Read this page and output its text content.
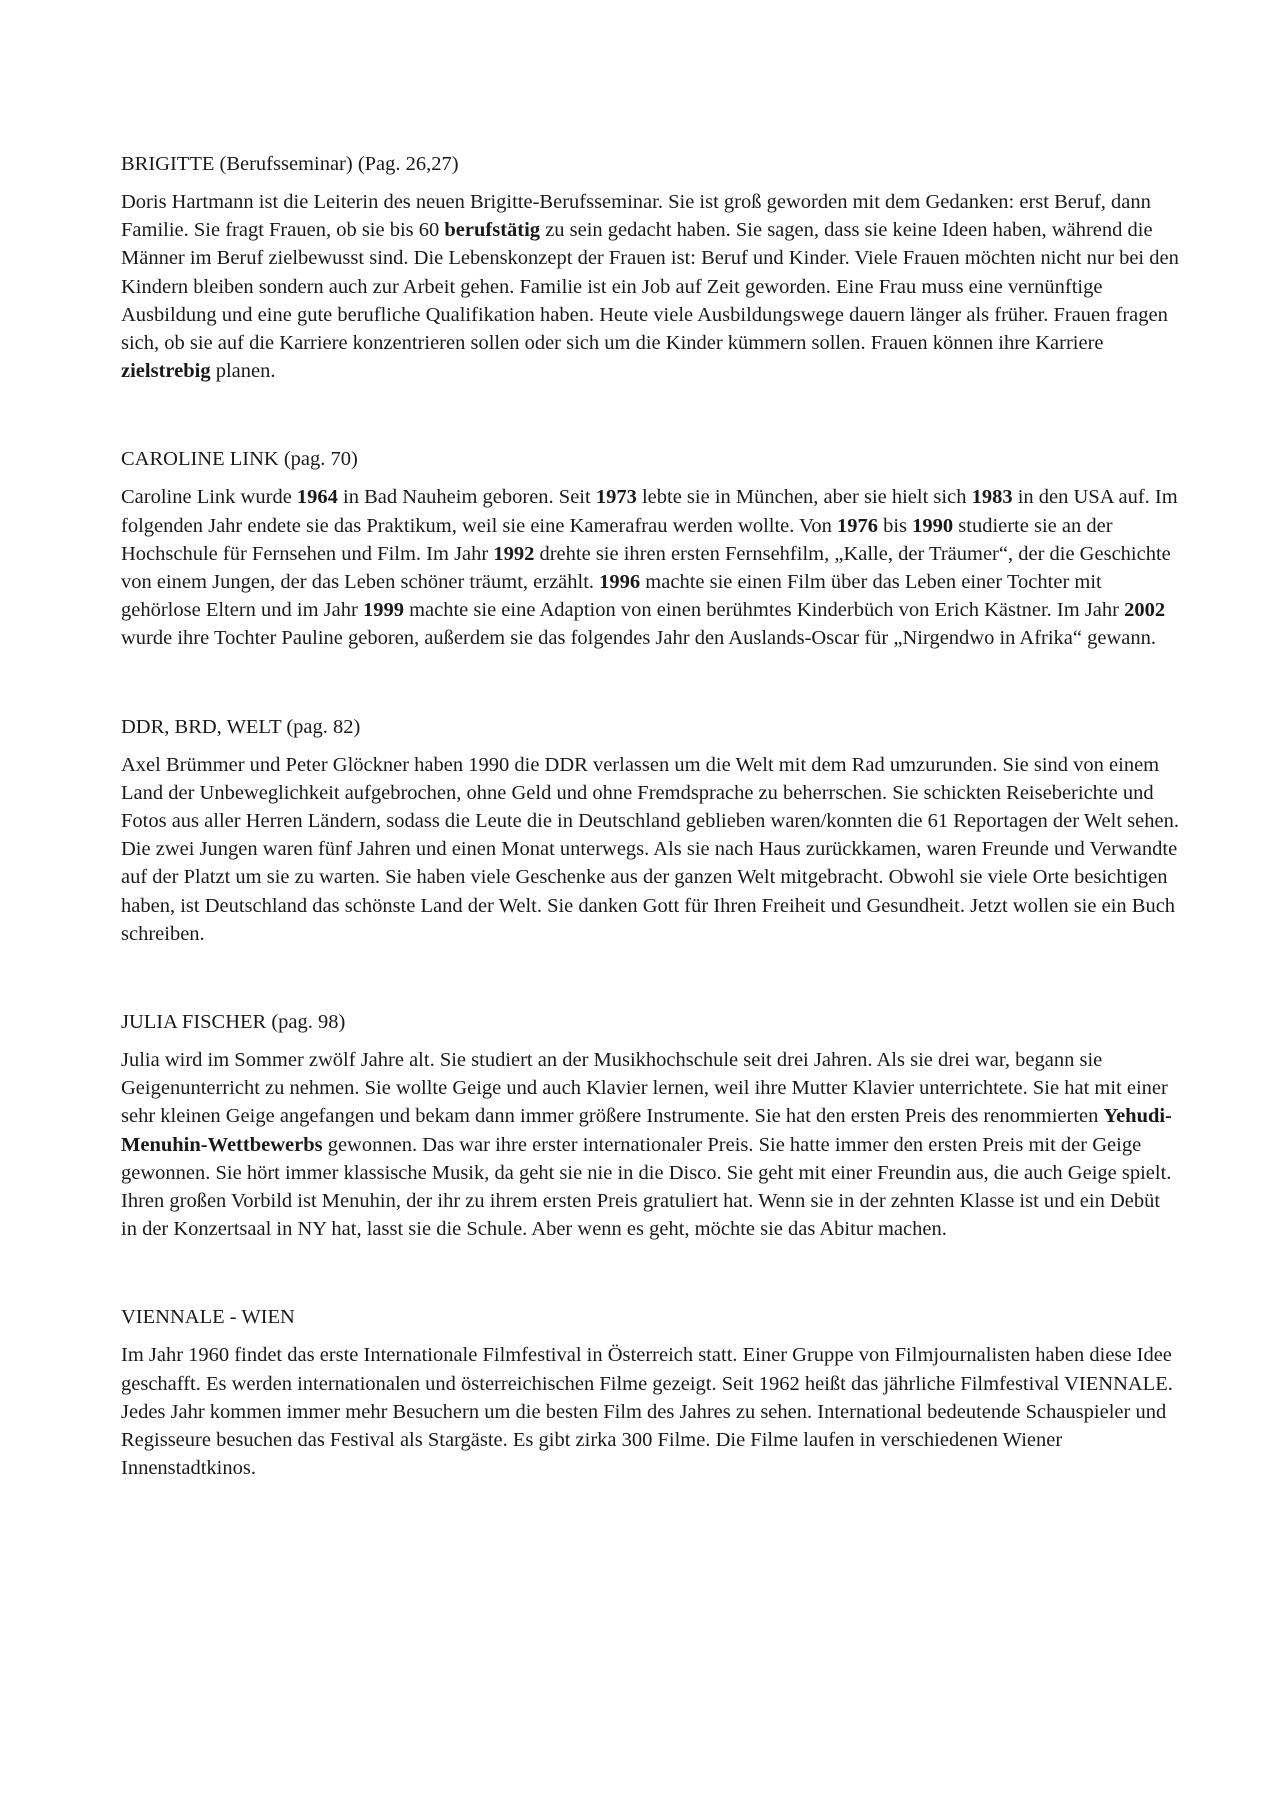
BRIGITTE (Berufsseminar) (Pag. 26,27)

Doris Hartmann ist die Leiterin des neuen Brigitte-Berufsseminar. Sie ist groß geworden mit dem Gedanken: erst Beruf, dann Familie. Sie fragt Frauen, ob sie bis 60 berufstätig zu sein gedacht haben. Sie sagen, dass sie keine Ideen haben, während die Männer im Beruf zielbewusst sind. Die Lebenskonzept der Frauen ist: Beruf und Kinder. Viele Frauen möchten nicht nur bei den Kindern bleiben sondern auch zur Arbeit gehen. Familie ist ein Job auf Zeit geworden. Eine Frau muss eine vernünftige Ausbildung und eine gute berufliche Qualifikation haben. Heute viele Ausbildungswege dauern länger als früher. Frauen fragen sich, ob sie auf die Karriere konzentrieren sollen oder sich um die Kinder kümmern sollen. Frauen können ihre Karriere zielstrebig planen.

CAROLINE LINK (pag. 70)

Caroline Link wurde 1964 in Bad Nauheim geboren. Seit 1973 lebte sie in München, aber sie hielt sich 1983 in den USA auf. Im folgenden Jahr endete sie das Praktikum, weil sie eine Kamerafrau werden wollte. Von 1976 bis 1990 studierte sie an der Hochschule für Fernsehen und Film. Im Jahr 1992 drehte sie ihren ersten Fernsehfilm, „Kalle, der Träumer“, der die Geschichte von einem Jungen, der das Leben schöner träumt, erzählt. 1996 machte sie einen Film über das Leben einer Tochter mit gehörlose Eltern und im Jahr 1999 machte sie eine Adaption von einen berühmtes Kinderbüch von Erich Kästner. Im Jahr 2002 wurde ihre Tochter Pauline geboren, außerdem sie das folgendes Jahr den Auslands-Oscar für „Nirgendwo in Afrika“ gewann.

DDR, BRD, WELT (pag. 82)

Axel Brümmer und Peter Glöckner haben 1990 die DDR verlassen um die Welt mit dem Rad umzurunden. Sie sind von einem Land der Unbeweglichkeit aufgebrochen, ohne Geld und ohne Fremdsprache zu beherrschen. Sie schickten Reiseberichte und Fotos aus aller Herren Ländern, sodass die Leute die in Deutschland geblieben waren/konnten die 61 Reportagen der Welt sehen. Die zwei Jungen waren fünf Jahren und einen Monat unterwegs. Als sie nach Haus zurückkamen, waren Freunde und Verwandte auf der Platzt um sie zu warten. Sie haben viele Geschenke aus der ganzen Welt mitgebracht. Obwohl sie viele Orte besichtigen haben, ist Deutschland das schönste Land der Welt. Sie danken Gott für Ihren Freiheit und Gesundheit. Jetzt wollen sie ein Buch schreiben.

JULIA FISCHER (pag. 98)

Julia wird im Sommer zwölf Jahre alt. Sie studiert an der Musikhochschule seit drei Jahren. Als sie drei war, begann sie Geigenunterricht zu nehmen. Sie wollte Geige und auch Klavier lernen, weil ihre Mutter Klavier unterrichtete. Sie hat mit einer sehr kleinen Geige angefangen und bekam dann immer größere Instrumente. Sie hat den ersten Preis des renommierten Yehudi-Menuhin-Wettbewerbs gewonnen. Das war ihre erster internationaler Preis. Sie hatte immer den ersten Preis mit der Geige gewonnen. Sie hört immer klassische Musik, da geht sie nie in die Disco. Sie geht mit einer Freundin aus, die auch Geige spielt. Ihren großen Vorbild ist Menuhin, der ihr zu ihrem ersten Preis gratuliert hat. Wenn sie in der zehnten Klasse ist und ein Debüt in der Konzertsaal in NY hat, lasst sie die Schule. Aber wenn es geht, möchte sie das Abitur machen.

VIENNALE - WIEN

Im Jahr 1960 findet das erste Internationale Filmfestival in Österreich statt. Einer Gruppe von Filmjournalisten haben diese Idee geschafft. Es werden internationalen und österreichischen Filme gezeigt. Seit 1962 heißt das jährliche Filmfestival VIENNALE. Jedes Jahr kommen immer mehr Besuchern um die besten Film des Jahres zu sehen. International bedeutende Schauspieler und Regisseure besuchen das Festival als Stargäste. Es gibt zirka 300 Filme. Die Filme laufen in verschiedenen Wiener Innenstadtkinos.
